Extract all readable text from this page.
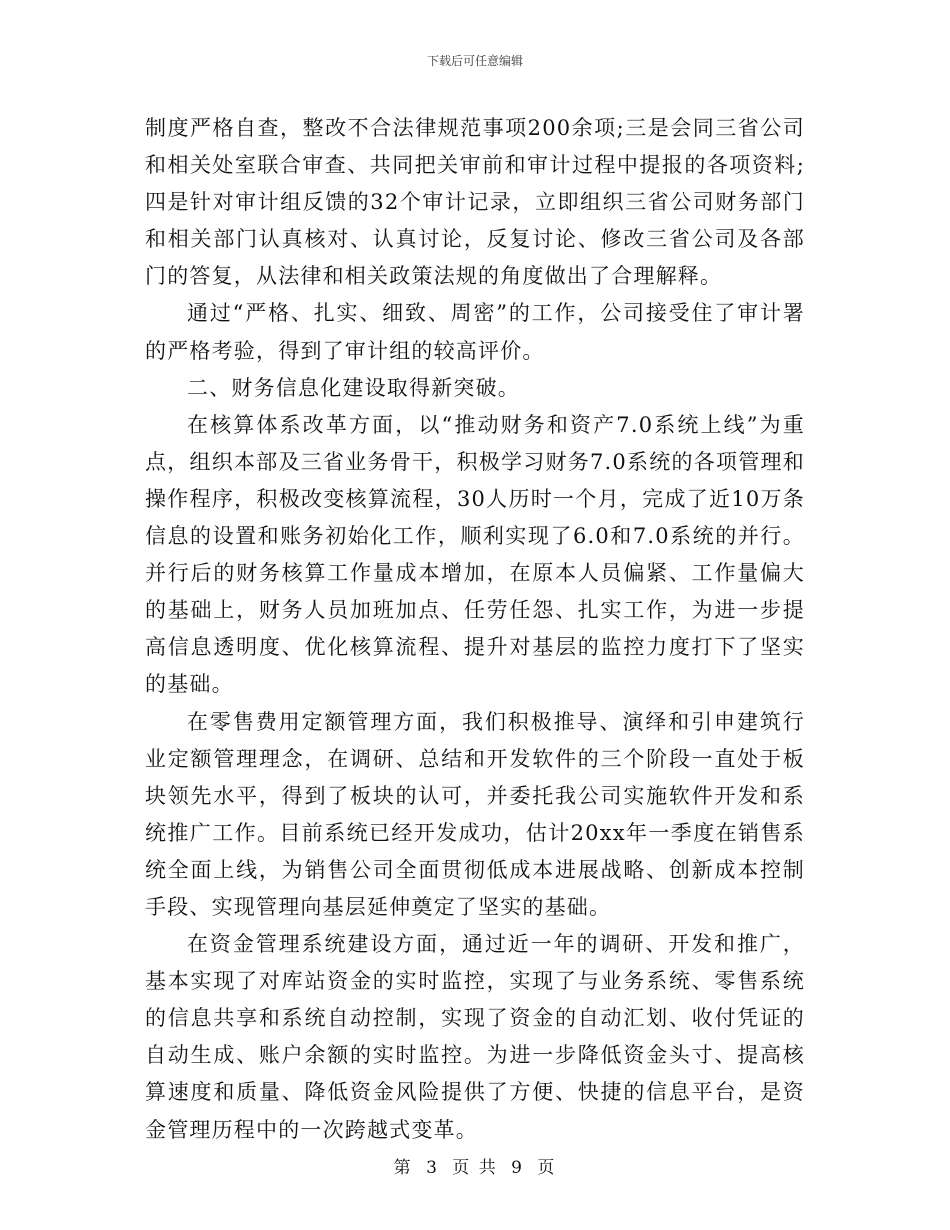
下载后可任意编辑

制度严格自查，整改不合法律规范事项200余项;三是会同三省公司和相关处室联合审查、共同把关审前和审计过程中提报的各项资料;四是针对审计组反馈的32个审计记录，立即组织三省公司财务部门和相关部门认真核对、认真讨论，反复讨论、修改三省公司及各部门的答复，从法律和相关政策法规的角度做出了合理解释。

通过“严格、扎实、细致、周密”的工作，公司接受住了审计署的严格考验，得到了审计组的较高评价。

二、财务信息化建设取得新突破。

在核算体系改革方面，以“推动财务和资产7.0系统上线”为重点，组织本部及三省业务骨干，积极学习财务7.0系统的各项管理和操作程序，积极改变核算流程，30人历时一个月，完成了近10万条信息的设置和账务初始化工作，顺利实现了6.0和7.0系统的并行。并行后的财务核算工作量成本增加，在原本人员偏紧、工作量偏大的基础上，财务人员加班加点、任劳任怨、扎实工作，为进一步提高信息透明度、优化核算流程、提升对基层的监控力度打下了坚实的基础。

在零售费用定额管理方面，我们积极推导、演绎和引申建筑行业定额管理理念，在调研、总结和开发软件的三个阶段一直处于板块领先水平，得到了板块的认可，并委托我公司实施软件开发和系统推广工作。目前系统已经开发成功，估计20xx年一季度在销售系统全面上线，为销售公司全面贯彻低成本进展战略、创新成本控制手段、实现管理向基层延伸奠定了坚实的基础。

在资金管理系统建设方面，通过近一年的调研、开发和推广，基本实现了对库站资金的实时监控，实现了与业务系统、零售系统的信息共享和系统自动控制，实现了资金的自动汇划、收付凭证的自动生成、账户余额的实时监控。为进一步降低资金头寸、提高核算速度和质量、降低资金风险提供了方便、快捷的信息平台，是资金管理历程中的一次跨越式变革。

第 3 页 共 9 页
